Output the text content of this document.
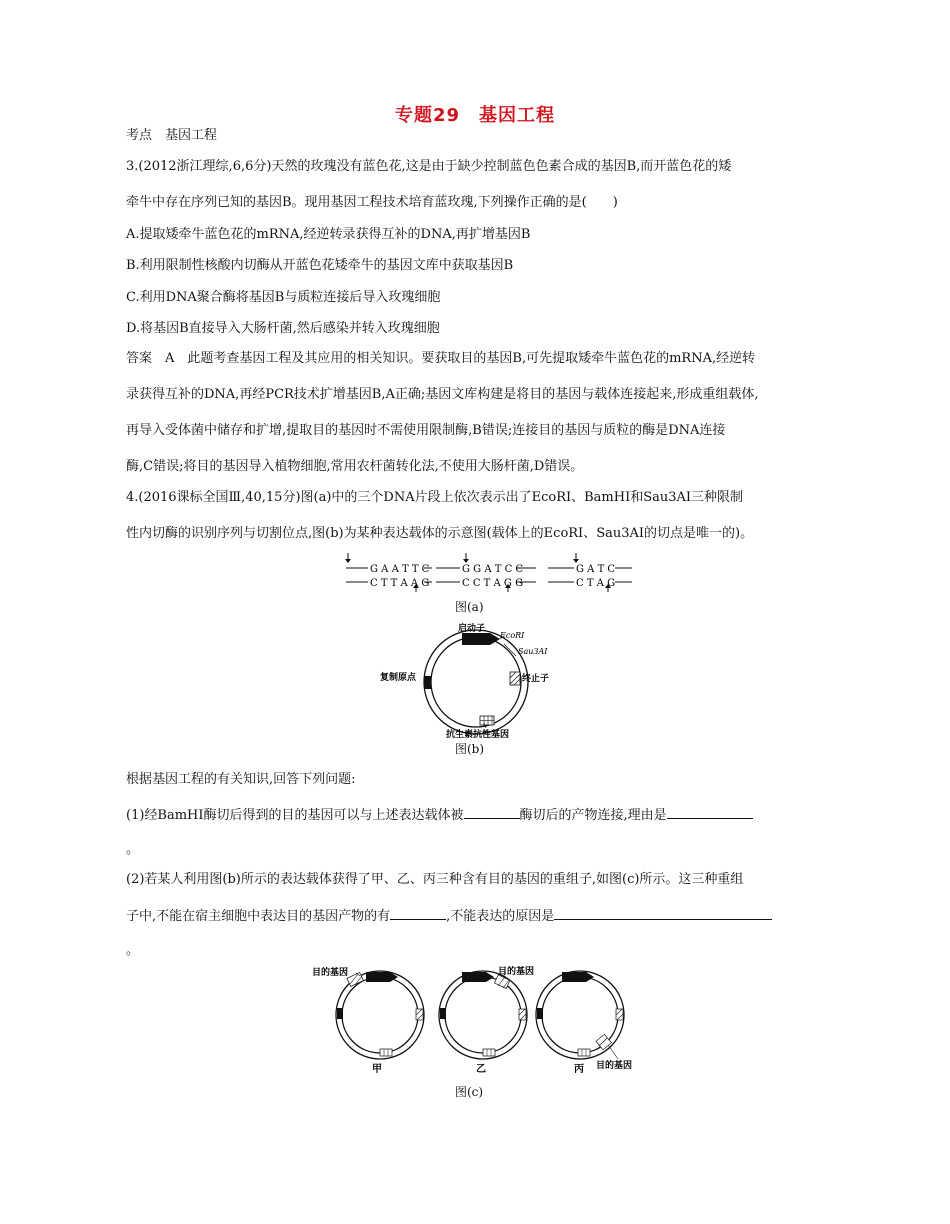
专题29　基因工程
考点　基因工程
3.(2012浙江理综,6,6分)天然的玫瑰没有蓝色花,这是由于缺少控制蓝色色素合成的基因B,而开蓝色花的矮
牵牛中存在序列已知的基因B。现用基因工程技术培育蓝玫瑰,下列操作正确的是(　　)
A.提取矮牵牛蓝色花的mRNA,经逆转录获得互补的DNA,再扩增基因B
B.利用限制性核酸内切酶从开蓝色花矮牵牛的基因文库中获取基因B
C.利用DNA聚合酶将基因B与质粒连接后导入玫瑰细胞
D.将基因B直接导入大肠杆菌,然后感染并转入玫瑰细胞
答案　A　此题考查基因工程及其应用的相关知识。要获取目的基因B,可先提取矮牵牛蓝色花的mRNA,经逆转
录获得互补的DNA,再经PCR技术扩增基因B,A正确;基因文库构建是将目的基因与载体连接起来,形成重组载体,
再导入受体菌中储存和扩增,提取目的基因时不需使用限制酶,B错误;连接目的基因与质粒的酶是DNA连接
酶,C错误;将目的基因导入植物细胞,常用农杆菌转化法,不使用大肠杆菌,D错误。
4.(2016课标全国Ⅲ,40,15分)图(a)中的三个DNA片段上依次表示出了EcoRⅠ、BamHⅠ和Sau3AⅠ三种限制
性内切酶的识别序列与切割位点,图(b)为某种表达载体的示意图(载体上的EcoRⅠ、Sau3AⅠ的切点是唯一的)。
G A A T T C
C T T A A G
G G A T C C
C C T A G G
G A T C
C T A G
图(a)
启动子
EcoRⅠ
Sau3AⅠ
终止子
复制原点
抗生素抗性基因
图(b)
根据基因工程的有关知识,回答下列问题:
(1)经BamHⅠ酶切后得到的目的基因可以与上述表达载体被	酶切后的产物连接,理由是
。
(2)若某人利用图(b)所示的表达载体获得了甲、乙、丙三种含有目的基因的重组子,如图(c)所示。这三种重组
子中,不能在宿主细胞中表达目的基因产物的有	,不能表达的原因是
。
目的基因
甲
目的基因
乙	目的基因
丙
图(c)
